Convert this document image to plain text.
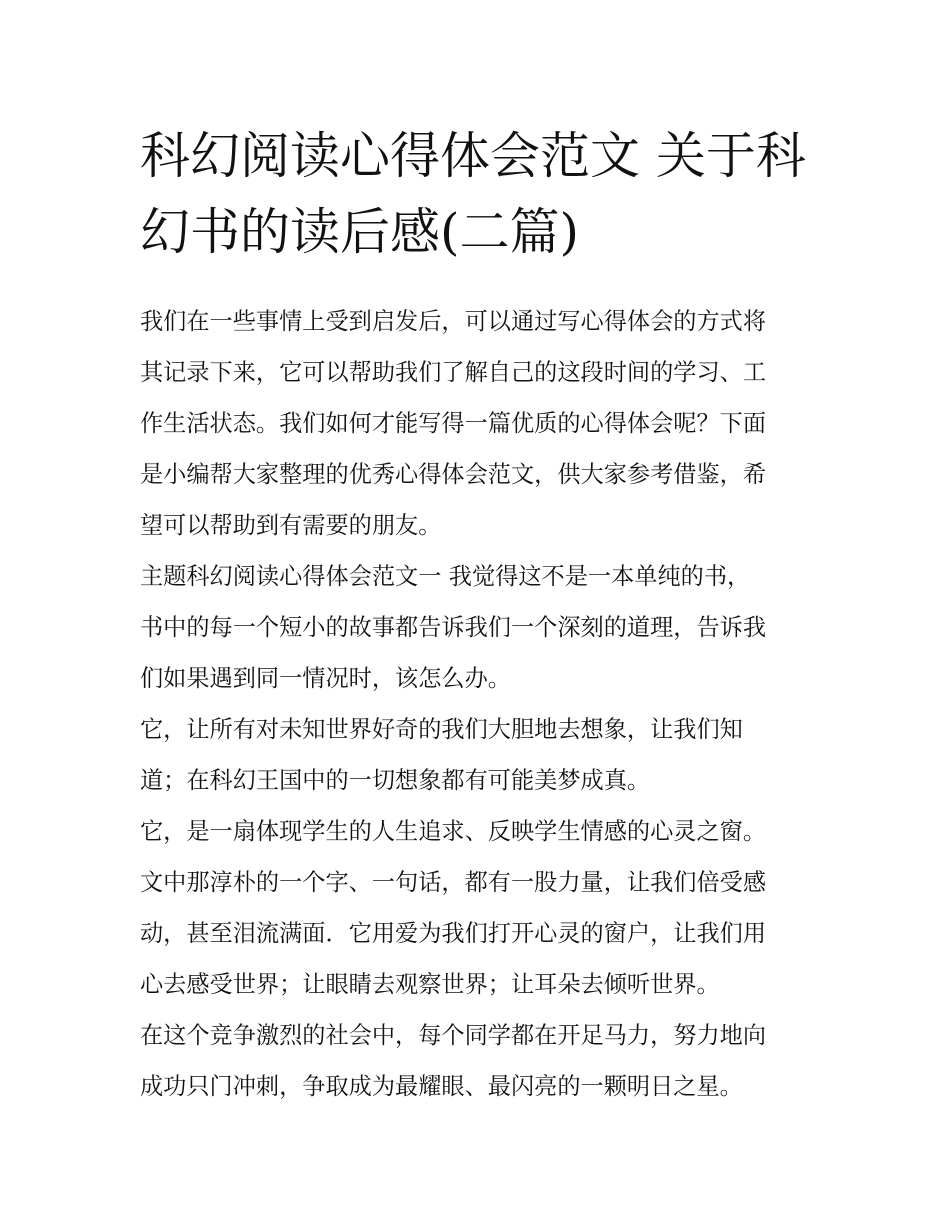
科幻阅读心得体会范文 关于科
幻书的读后感(二篇)

我们在一些事情上受到启发后，可以通过写心得体会的方式将
其记录下来，它可以帮助我们了解自己的这段时间的学习、工
作生活状态。我们如何才能写得一篇优质的心得体会呢？下面
是小编帮大家整理的优秀心得体会范文，供大家参考借鉴，希
望可以帮助到有需要的朋友。

主题科幻阅读心得体会范文一 我觉得这不是一本单纯的书，
书中的每一个短小的故事都告诉我们一个深刻的道理，告诉我
们如果遇到同一情况时，该怎么办。

它，让所有对未知世界好奇的我们大胆地去想象，让我们知
道；在科幻王国中的一切想象都有可能美梦成真。

它，是一扇体现学生的人生追求、反映学生情感的心灵之窗。
文中那淳朴的一个字、一句话，都有一股力量，让我们倍受感
动，甚至泪流满面．它用爱为我们打开心灵的窗户，让我们用
心去感受世界；让眼睛去观察世界；让耳朵去倾听世界。

在这个竞争激烈的社会中，每个同学都在开足马力，努力地向
成功只门冲刺，争取成为最耀眼、最闪亮的一颗明日之星。
